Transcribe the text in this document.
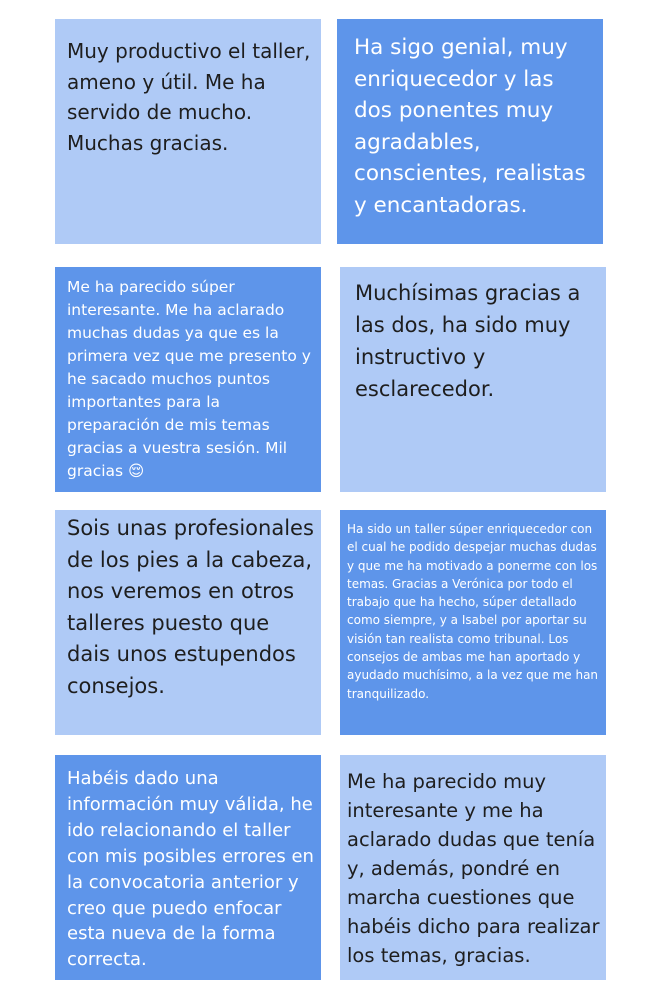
Muy productivo el taller, ameno y útil. Me ha servido de mucho. Muchas gracias.

Ha sigo genial, muy enriquecedor y las dos ponentes muy agradables, conscientes, realistas y encantadoras.

Me ha parecido súper interesante. Me ha aclarado muchas dudas ya que es la primera vez que me presento y he sacado muchos puntos importantes para la preparación de mis temas gracias a vuestra sesión. Mil gracias 😌

Muchísimas gracias a las dos, ha sido muy instructivo y esclarecedor.

Sois unas profesionales de los pies a la cabeza, nos veremos en otros talleres puesto que dais unos estupendos consejos.

Ha sido un taller súper enriquecedor con el cual he podido despejar muchas dudas y que me ha motivado a ponerme con los temas. Gracias a Verónica por todo el trabajo que ha hecho, súper detallado como siempre, y a Isabel por aportar su visión tan realista como tribunal. Los consejos de ambas me han aportado y ayudado muchísimo, a la vez que me han tranquilizado.

Habéis dado una información muy válida, he ido relacionando el taller con mis posibles errores en la convocatoria anterior y creo que puedo enfocar esta nueva de la forma correcta.

Me ha parecido muy interesante y me ha aclarado dudas que tenía y, además, pondré en marcha cuestiones que habéis dicho para realizar los temas, gracias.
